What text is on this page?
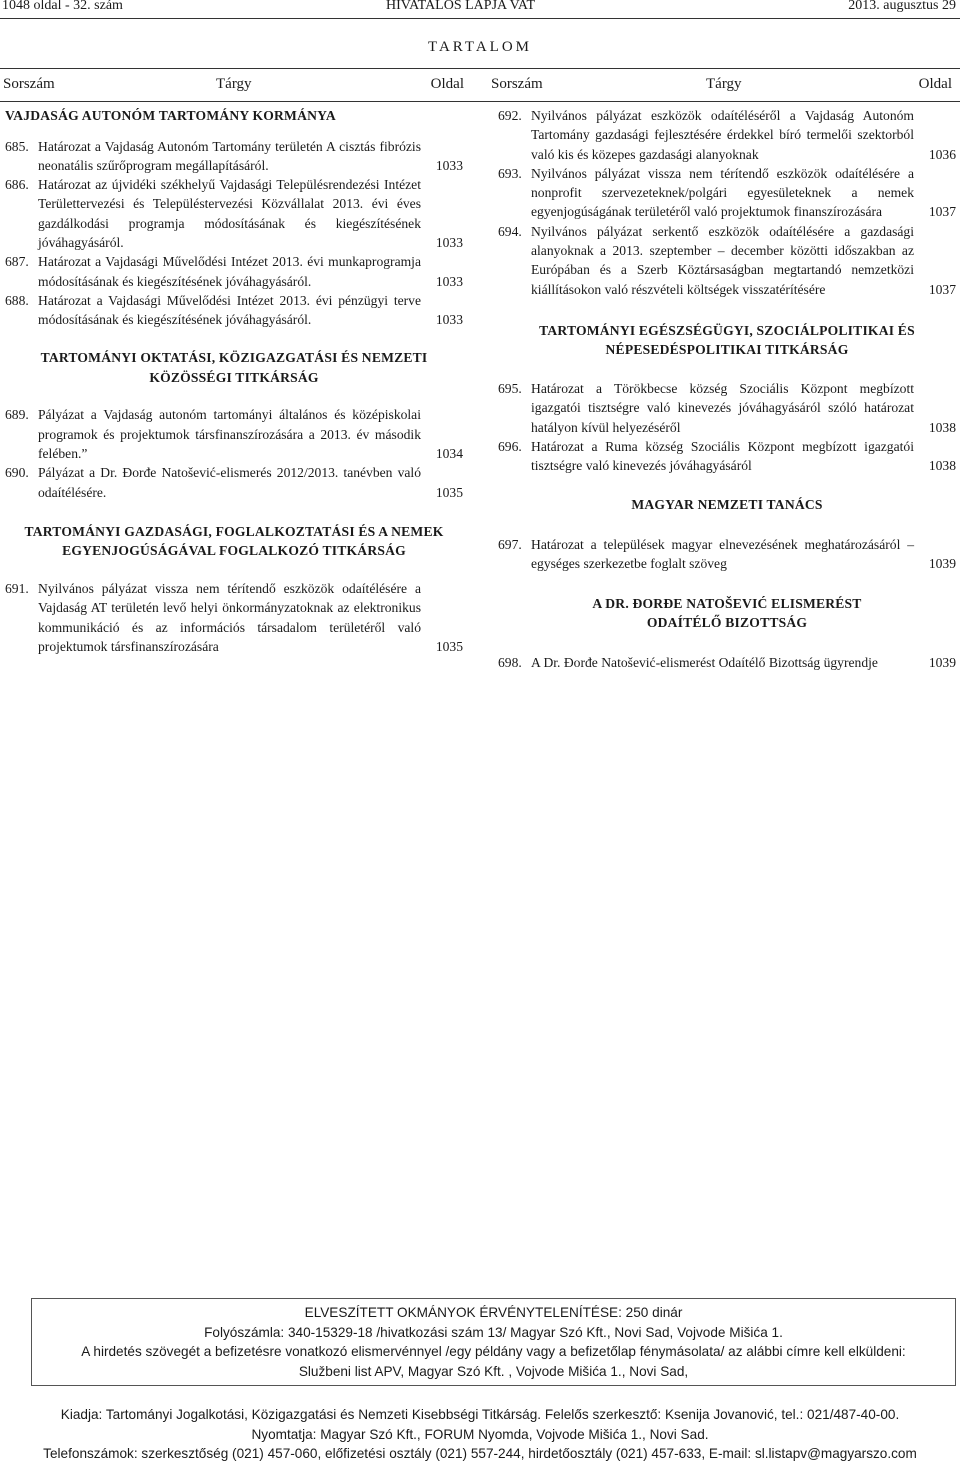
1048 oldal - 32. szám	HIVATALOS LAPJA VAT	2013. augusztus 29
TARTALOM
Sorszám	Tárgy	Oldal Sorszám	Tárgy	Oldal
VAJDASÁG AUTONÓM TARTOMÁNY KORMÁNYA
685. Határozat a Vajdaság Autonóm Tartomány területén A cisztás fibrózis neonatális szűrőprogram megállapításáról.	1033
686. Határozat az újvidéki székhelyű Vajdasági Településrendezési Intézet Területtervezési és Településtervezési Közvállalat 2013. évi éves gazdálkodási programja módosításának és kiegészítésének jóváhagyásáról.	1033
687. Határozat a Vajdasági Művelődési Intézet 2013. évi munkaprogramja módosításának és kiegészítésének jóváhagyásáról.	1033
688. Határozat a Vajdasági Művelődési Intézet 2013. évi pénzügyi terve módosításának és kiegészítésének jóváhagyásáról.	1033
TARTOMÁNYI OKTATÁSI, KÖZIGAZGATÁSI ÉS NEMZETI KÖZÖSSÉGI TITKÁRSÁG
689. Pályázat a Vajdaság autonóm tartományi általános és középiskolai programok és projektumok társfinanszírozására a 2013. év második felében.”	1034
690. Pályázat a Dr. Đorđe Natošević-elismerés 2012/2013. tanévben való odaítélésére.	1035
TARTOMÁNYI GAZDASÁGI, FOGLALKOZTATÁSI ÉS A NEMEK EGYENJOGÚSÁGÁVAL FOGLALKOZÓ TITKÁRSÁG
691. Nyilvános pályázat vissza nem térítendő eszközök odaítélésére a Vajdaság AT területén levő helyi önkormányzatoknak az elektronikus kommunikáció és az információs társadalom területéről való projektumok társfinanszírozására	1035
692. Nyilvános pályázat eszközök odaítéléséről a Vajdaság Autonóm Tartomány gazdasági fejlesztésére érdekkel bíró termelői szektorból való kis és közepes gazdasági alanyoknak	1036
693. Nyilvános pályázat vissza nem térítendő eszközök odaítélésére a nonprofit szervezeteknek/polgári egyesületeknek a nemek egyenjogúságának területéről való projektumok finanszírozására	1037
694. Nyilvános pályázat serkentő eszközök odaítélésére a gazdasági alanyoknak a 2013. szeptember – december közötti időszakban az Európában és a Szerb Köztársaságban megtartandó nemzetközi kiállításokon való részvételi költségek visszatérítésére	1037
TARTOMÁNYI EGÉSZSÉGÜGYI, SZOCIÁLPOLITIKAI ÉS NÉPESEDÉSPOLITIKAI TITKÁRSÁG
695. Határozat a Törökbecse község Szociális Központ megbízott igazgatói tisztségre való kinevezés jóváhagyásáról szóló határozat hatályon kívül helyezéséről	1038
696. Határozat a Ruma község Szociális Központ megbízott igazgatói tisztségre való kinevezés jóváhagyásáról	1038
MAGYAR NEMZETI TANÁCS
697. Határozat a települések magyar elnevezésének meghatározásáról – egységes szerkezetbe foglalt szöveg	1039
A DR. ĐORĐE NATOŠEVIĆ ELISMERÉST ODAÍTÉLŐ BIZOTTSÁG
698. A Dr. Đorđe Natošević-elismerést Odaítélő Bizottság ügyrendje	1039
ELVESZÍTETT OKMÁNYOK ÉRVÉNYTELENÍTÉSE: 250 dinár
Folyószámla: 340-15329-18 /hivatkozási szám 13/ Magyar Szó Kft., Novi Sad, Vojvode Mišića 1.
A hirdetés szövegét a befizetésre vonatkozó elismervénnyel /egy példány vagy a befizetőlap fénymásolata/ az alábbi címre kell elküldeni:
Službeni list APV, Magyar Szó Kft. , Vojvode Mišića 1., Novi Sad,
Kiadja: Tartományi Jogalkotási, Közigazgatási és Nemzeti Kisebbségi Titkárság. Felelős szerkesztő: Ksenija Jovanović, tel.: 021/487-40-00.
Nyomtatja: Magyar Szó Kft., FORUM Nyomda, Vojvode Mišića 1., Novi Sad.
Telefonszámok: szerkesztőség (021) 457-060, előfizetési osztály (021) 557-244, hirdetőosztály (021) 457-633, E-mail: sl.listapv@magyarszo.com
